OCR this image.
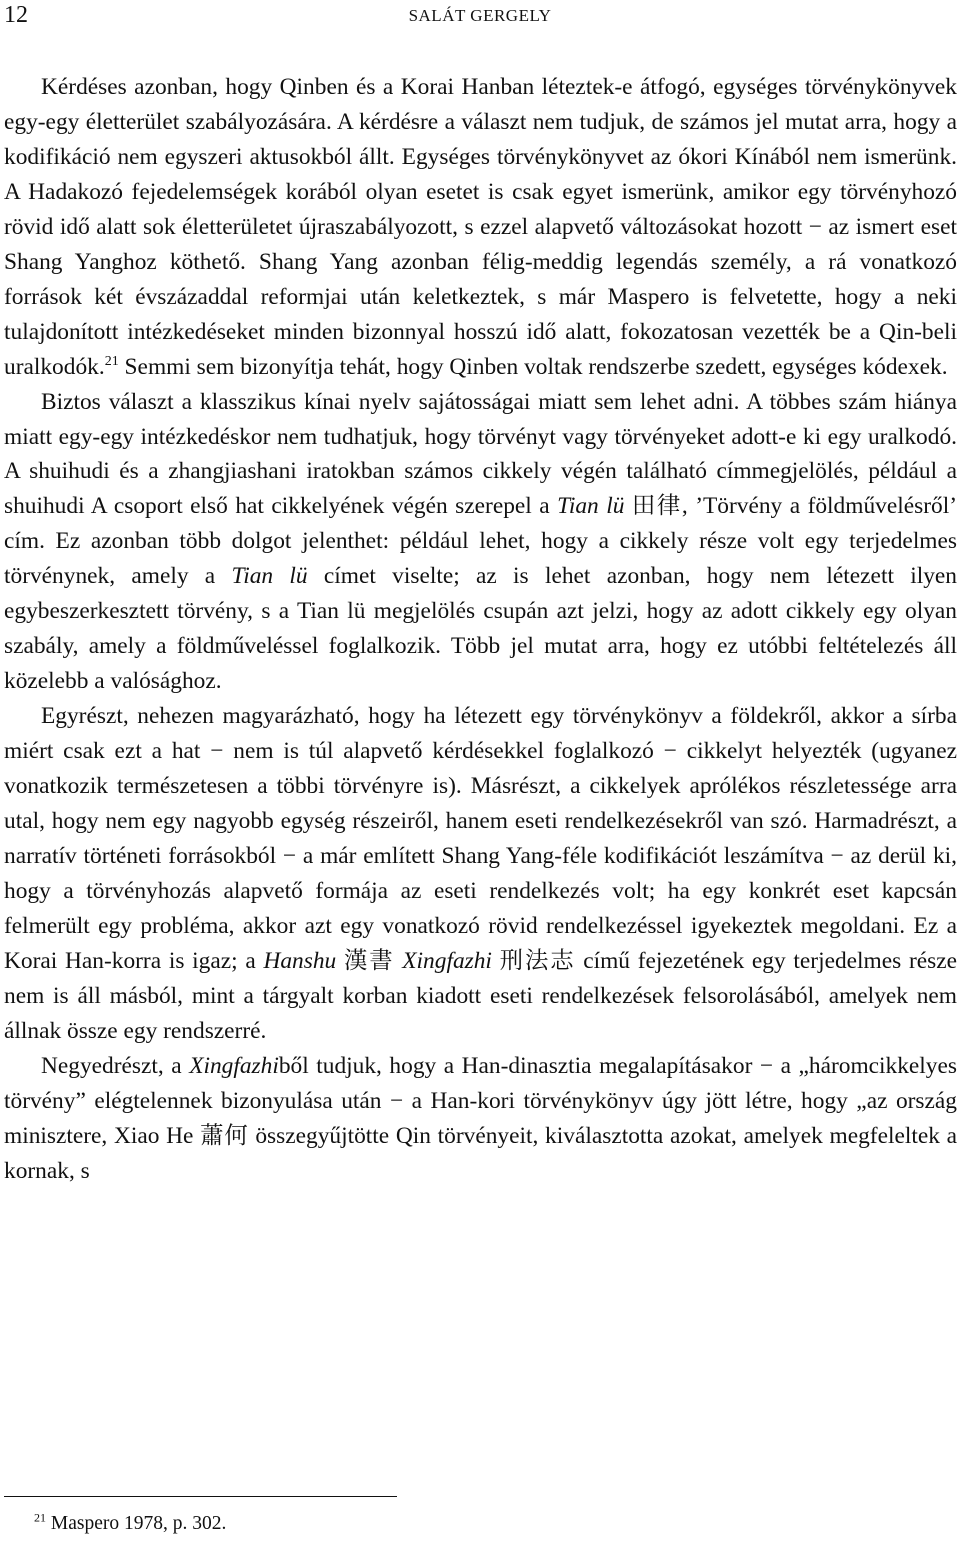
12	SALÁT GERGELY

Kérdéses azonban, hogy Qinben és a Korai Hanban léteztek-e átfogó, egységes törvénykönyvek egy-egy életterület szabályozására. A kérdésre a választ nem tudjuk, de számos jel mutat arra, hogy a kodifikáció nem egyszeri aktusokból állt. Egységes törvénykönyvet az ókori Kínából nem ismerünk. A Hadakozó fejedelemségek korából olyan esetet is csak egyet ismerünk, amikor egy törvényhozó rövid idő alatt sok életterületet újraszabályozott, s ezzel alapvető változásokat hozott − az ismert eset Shang Yanghoz köthető. Shang Yang azonban félig-meddig legendás személy, a rá vonatkozó források két évszázaddal reformjai után keletkeztek, s már Maspero is felvetette, hogy a neki tulajdonított intézkedéseket minden bizonnyal hosszú idő alatt, fokozatosan vezették be a Qin-beli uralkodók.$^{21}$ Semmi sem bizonyítja tehát, hogy Qinben voltak rendszerbe szedett, egységes kódexek.

Biztos választ a klasszikus kínai nyelv sajátosságai miatt sem lehet adni. A többes szám hiánya miatt egy-egy intézkedéskor nem tudhatjuk, hogy törvényt vagy törvényeket adott-e ki egy uralkodó. A shuihudi és a zhangjiashani iratokban számos cikkely végén található címmegjelölés, például a shuihudi A csoport első hat cikkelyének végén szerepel a Tian lü 田律, ’Törvény a földművelésről’ cím. Ez azonban több dolgot jelenthet: például lehet, hogy a cikkely része volt egy terjedelmes törvénynek, amely a Tian lü címet viselte; az is lehet azonban, hogy nem létezett ilyen egybeszerkesztett törvény, s a Tian lü megjelölés csupán azt jelzi, hogy az adott cikkely egy olyan szabály, amely a földműveléssel foglalkozik. Több jel mutat arra, hogy ez utóbbi feltételezés áll közelebb a valósághoz.

Egyrészt, nehezen magyarázható, hogy ha létezett egy törvénykönyv a földekről, akkor a sírba miért csak ezt a hat − nem is túl alapvető kérdésekkel foglalkozó − cikkelyt helyezték (ugyanez vonatkozik természetesen a többi törvényre is). Másrészt, a cikkelyek aprólékos részletessége arra utal, hogy nem egy nagyobb egység részeiről, hanem eseti rendelkezésekről van szó. Harmadrészt, a narratív történeti forrásokból − a már említett Shang Yang-féle kodifikációt leszámítva − az derül ki, hogy a törvényhozás alapvető formája az eseti rendelkezés volt; ha egy konkrét eset kapcsán felmerült egy probléma, akkor azt egy vonatkozó rövid rendelkezéssel igyekeztek megoldani. Ez a Korai Han-korra is igaz; a Hanshu 漢書 Xingfazhi 刑法志 című fejezetének egy terjedelmes része nem is áll másból, mint a tárgyalt korban kiadott eseti rendelkezések felsorolásából, amelyek nem állnak össze egy rendszerré.

Negyedrészt, a Xingfazhiből tudjuk, hogy a Han-dinasztia megalapításakor − a „háromcikkelyes törvény” elégtelennek bizonyulása után − a Han-kori törvénykönyv úgy jött létre, hogy „az ország minisztere, Xiao He 蕭何 összegyűjtötte Qin törvényeit, kiválasztotta azokat, amelyek megfeleltek a kornak, s

$^{21}$ Maspero 1978, p. 302.
